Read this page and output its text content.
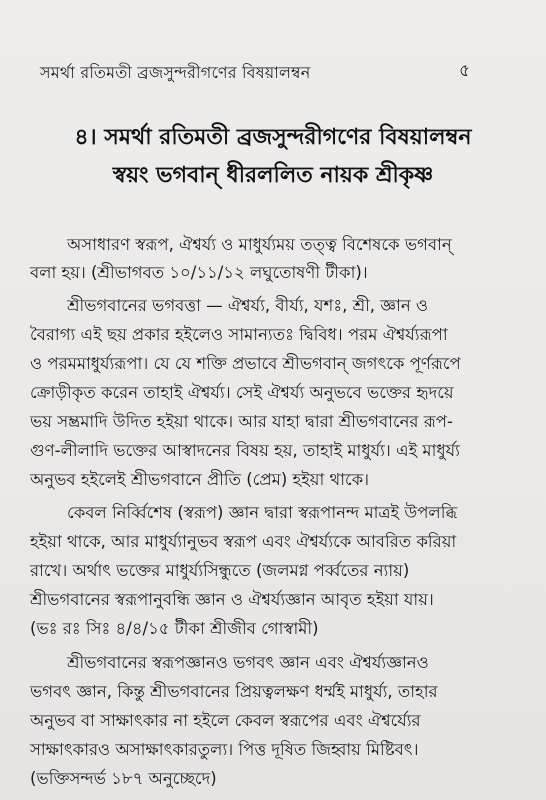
সমর্থা রতিমতী ব্রজসুন্দরীগণের বিষয়ালম্বন	৫
৪। সমর্থা রতিমতী ব্রজসুন্দরীগণের বিষয়ালম্বন
স্বয়ং ভগবান্ ধীরললিত নায়ক শ্রীকৃষ্ণ
অসাধারণ স্বরূপ, ঐশ্বর্য্য ও মাধুর্য্যময় তত্ত্ব বিশেষকে ভগবান্
বলা হয়। (শ্রীভাগবত ১০/১১/১২ লঘুতোষণী টীকা)।
শ্রীভগবানের ভগবত্তা — ঐশ্বর্য্য, বীর্য্য, যশঃ, শ্রী, জ্ঞান ও
বৈরাগ্য এই ছয় প্রকার হইলেও সামান্যতঃ দ্বিবিধ। পরম ঐশ্বর্য্যরূপা
ও পরমমাধুর্য্যরূপা। যে যে শক্তি প্রভাবে শ্রীভগবান্ জগৎকে পূর্ণরূপে
ক্রোড়ীকৃত করেন তাহাই ঐশ্বর্য্য। সেই ঐশ্বর্য্য অনুভবে ভক্তের হৃদয়ে
ভয় সম্ভ্রমাদি উদিত হইয়া থাকে। আর যাহা দ্বারা শ্রীভগবানের রূপ-
গুণ-লীলাদি ভক্তের আস্বাদনের বিষয় হয়, তাহাই মাধুর্য্য। এই মাধুর্য্য
অনুভব হইলেই শ্রীভগবানে প্রীতি (প্রেম) হইয়া থাকে।
কেবল নির্ব্বিশেষ (স্বরূপ) জ্ঞান দ্বারা স্বরূপানন্দ মাত্রই উপলব্ধি
হইয়া থাকে, আর মাধুর্য্যানুভব স্বরূপ এবং ঐশ্বর্য্যকে আবরিত করিয়া
রাখে। অর্থাৎ ভক্তের মাধুর্য্যসিন্ধুতে (জলমগ্ন পর্ব্বতের ন্যায়)
শ্রীভগবানের স্বরূপানুবন্ধি জ্ঞান ও ঐশ্বর্য্যজ্ঞান আবৃত হইয়া যায়।
(ভঃ রঃ সিঃ ৪/৪/১৫ টীকা শ্রীজীব গোস্বামী)
শ্রীভগবানের স্বরূপজ্ঞানও ভগবৎ জ্ঞান এবং ঐশ্বর্য্যজ্ঞানও
ভগবৎ জ্ঞান, কিন্তু শ্রীভগবানের প্রিয়ত্বলক্ষণ ধর্ম্মই মাধুর্য্য, তাহার
অনুভব বা সাক্ষাৎকার না হইলে কেবল স্বরূপের এবং ঐশ্বর্য্যের
সাক্ষাৎকারও অসাক্ষাৎকারতুল্য। পিত্ত দূষিত জিহ্বায় মিষ্টিবৎ।
(ভক্তিসন্দর্ভ ১৮৭ অনুচ্ছেদে)
